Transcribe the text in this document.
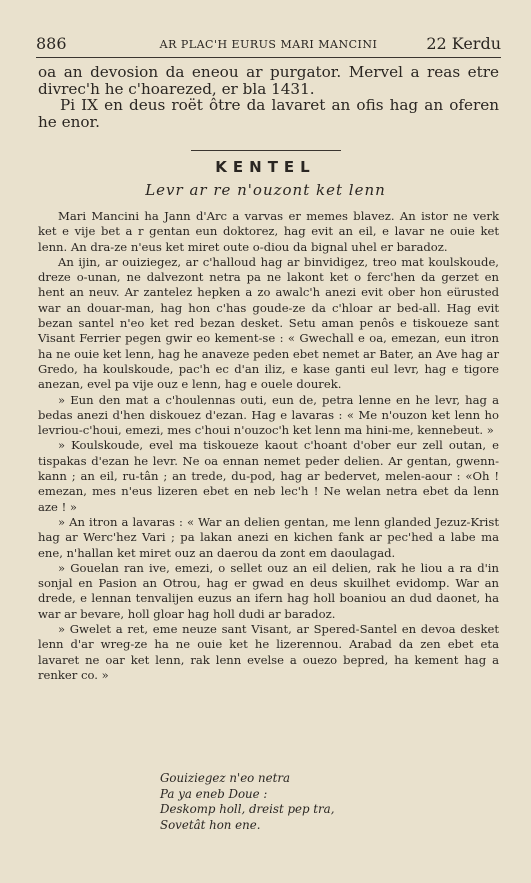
886	AR PLAC'H EURUS MARI MANCINI	22 Kerdu

oa an devosion da eneou ar purgator. Mervel a reas etre divrec'h he c'hoarezed, er bla 1431.

Pi IX en deus roët ôtre da lavaret an ofis hag an oferen he enor.

KENTEL
Levr ar re n'ouzont ket lenn

Mari Mancini ha Jann d'Arc a varvas er memes blavez. An istor ne verk ket e vije bet a r gentan eun doktorez, hag evit an eil, e lavar ne ouie ket lenn. An dra-ze n'eus ket miret oute o-diou da bignal uhel er baradoz.

An ijin, ar ouiziegez, ar c'halloud hag ar binvidigez, treo mat koulskoude, dreze o-unan, ne dalvezont netra pa ne lakont ket o ferc'hen da gerzet en hent an neuv. Ar zantelez hepken a zo awalc'h anezi evit ober hon eürusted war an douar-man, hag hon c'has goude-ze da c'hloar ar bed-all. Hag evit bezan santel n'eo ket red bezan desket. Setu aman penôs e tiskoueze sant Visant Ferrier pegen gwir eo kement-se : « Gwechall e oa, emezan, eun itron ha ne ouie ket lenn, hag he anaveze peden ebet nemet ar Bater, an Ave hag ar Gredo, ha koulskoude, pac'h ec d'an iliz, e kase ganti eul levr, hag e tigore anezan, evel pa vije ouz e lenn, hag e ouele dourek.

» Eun den mat a c'houlennas outi, eun de, petra lenne en he levr, hag a bedas anezi d'hen diskouez d'ezan. Hag e lavaras : « Me n'ouzon ket lenn ho levriou-c'houi, emezi, mes c'houi n'ouzoc'h ket lenn ma hini-me, kennebeut. »

» Koulskoude, evel ma tiskoueze kaout c'hoant d'ober eur zell outan, e tispakas d'ezan he levr. Ne oa ennan nemet peder delien. Ar gentan, gwenn-kann ; an eil, ru-tân ; an trede, du-pod, hag ar bedervet, melen-aour : «Oh ! emezan, mes n'eus lizeren ebet en neb lec'h ! Ne welan netra ebet da lenn aze ! »

» An itron a lavaras : « War an delien gentan, me lenn glanded Jezuz-Krist hag ar Werc'hez Vari ; pa lakan anezi en kichen fank ar pec'hed a labe ma ene, n'hallan ket miret ouz an daerou da zont em daoulagad.

» Gouelan ran ive, emezi, o sellet ouz an eil delien, rak he liou a ra d'in sonjal en Pasion an Otrou, hag er gwad en deus skuilhet evidomp. War an drede, e lennan tenvalijen euzus an ifern hag holl boaniou an dud daonet, ha war ar bevare, holl gloar hag holl dudi ar baradoz.

» Gwelet a ret, eme neuze sant Visant, ar Spered-Santel en devoa desket lenn d'ar wreg-ze ha ne ouie ket he lizerennou. Arabad da zen ebet eta lavaret ne oar ket lenn, rak lenn evelse a ouezo bepred, ha kement hag a renker co. »

Gouiziegez n'eo netra
Pa ya eneb Doue :
Deskomp holl, dreist pep tra,
Sovetât hon ene.
